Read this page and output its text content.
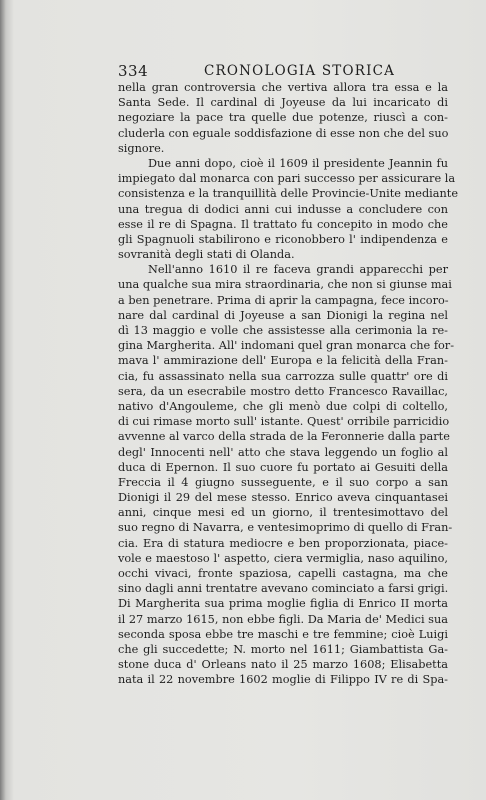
334	CRONOLOGIA STORICA
nella gran controversia che vertiva allora tra essa e la
Santa Sede. Il cardinal di Joyeuse da lui incaricato di
negoziare la pace tra quelle due potenze, riuscì a con-
cluderla con eguale soddisfazione di esse non che del suo
signore.
Due anni dopo, cioè il 1609 il presidente Jeannin fu
impiegato dal monarca con pari successo per assicurare la
consistenza e la tranquillità delle Provincie-Unite mediante
una tregua di dodici anni cui indusse a concludere con
esse il re di Spagna. Il trattato fu concepito in modo che
gli Spagnuoli stabilirono e riconobbero l' indipendenza e
sovranità degli stati di Olanda.
Nell'anno 1610 il re faceva grandi apparecchi per
una qualche sua mira straordinaria, che non si giunse mai
a ben penetrare. Prima di aprir la campagna, fece incoro-
nare dal cardinal di Joyeuse a san Dionigi la regina nel
dì 13 maggio e volle che assistesse alla cerimonia la re-
gina Margherita. All' indomani quel gran monarca che for-
mava l' ammirazione dell' Europa e la felicità della Fran-
cia, fu assassinato nella sua carrozza sulle quattr' ore di
sera, da un esecrabile mostro detto Francesco Ravaillac,
nativo d'Angouleme, che gli menò due colpi di coltello,
di cui rimase morto sull' istante. Quest' orribile parricidio
avvenne al varco della strada de la Feronnerie dalla parte
degl' Innocenti nell' atto che stava leggendo un foglio al
duca di Epernon. Il suo cuore fu portato ai Gesuiti della
Freccia il 4 giugno susseguente, e il suo corpo a san
Dionigi il 29 del mese stesso. Enrico aveva cinquantasei
anni, cinque mesi ed un giorno, il trentesimottavo del
suo regno di Navarra, e ventesimoprimo di quello di Fran-
cia. Era di statura mediocre e ben proporzionata, piace-
vole e maestoso l' aspetto, ciera vermiglia, naso aquilino,
occhi vivaci, fronte spaziosa, capelli castagna, ma che
sino dagli anni trentatre avevano cominciato a farsi grigi.
Di Margherita sua prima moglie figlia di Enrico II morta
il 27 marzo 1615, non ebbe figli. Da Maria de' Medici sua
seconda sposa ebbe tre maschi e tre femmine; cioè Luigi
che gli succedette; N. morto nel 1611; Giambattista Ga-
stone duca d' Orleans nato il 25 marzo 1608; Elisabetta
nata il 22 novembre 1602 moglie di Filippo IV re di Spa-
